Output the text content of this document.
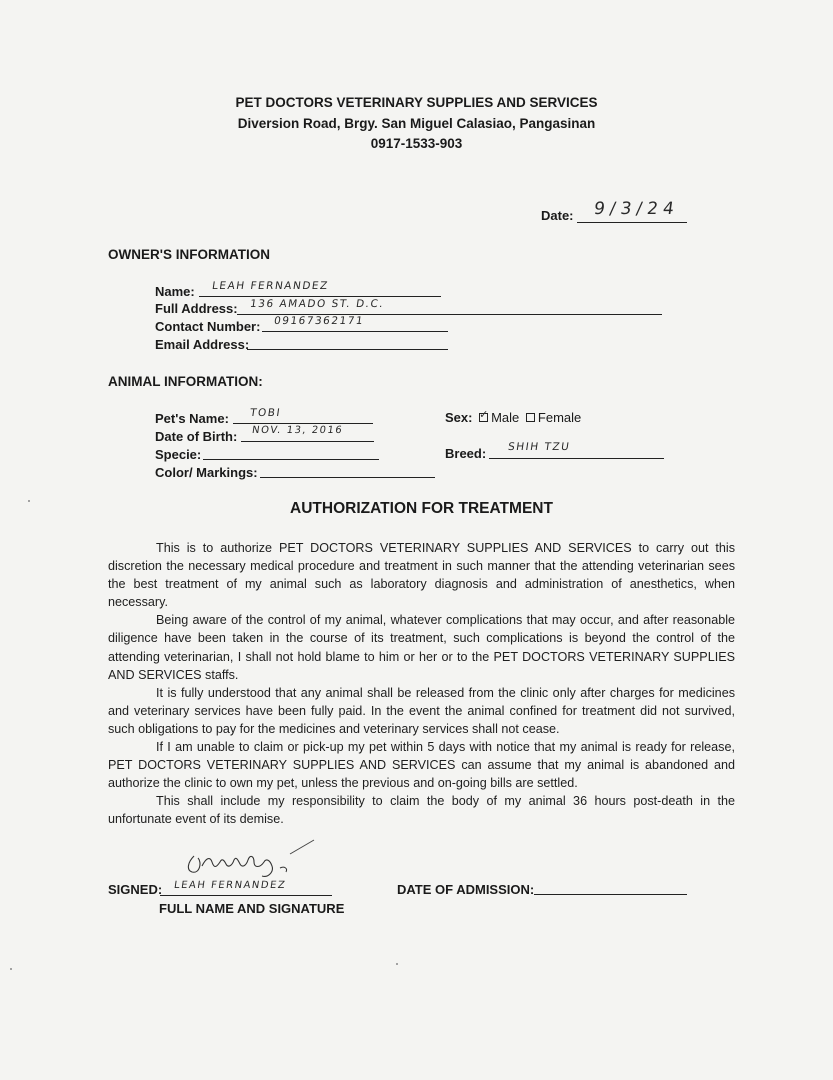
PET DOCTORS VETERINARY SUPPLIES AND SERVICES
Diversion Road, Brgy. San Miguel Calasiao, Pangasinan
0917-1533-903
Date: 9/3/24
OWNER'S INFORMATION
Name: LEAH FERNANDEZ
Full Address: 136 AMADO ST. D.C.
Contact Number: 09167362171
Email Address:
ANIMAL INFORMATION:
Pet's Name: TOBI
Date of Birth: NOV. 13, 2016
Specie:
Color/ Markings:
Sex: ✓ Male Female
Breed: SHIH TZU
AUTHORIZATION FOR TREATMENT

This is to authorize PET DOCTORS VETERINARY SUPPLIES AND SERVICES to carry out this discretion the necessary medical procedure and treatment in such manner that the attending veterinarian sees the best treatment of my animal such as laboratory diagnosis and administration of anesthetics, when necessary.

Being aware of the control of my animal, whatever complications that may occur, and after reasonable diligence have been taken in the course of its treatment, such complications is beyond the control of the attending veterinarian, I shall not hold blame to him or her or to the PET DOCTORS VETERINARY SUPPLIES AND SERVICES staffs.

It is fully understood that any animal shall be released from the clinic only after charges for medicines and veterinary services have been fully paid. In the event the animal confined for treatment did not survived, such obligations to pay for the medicines and veterinary services shall not cease.

If I am unable to claim or pick-up my pet within 5 days with notice that my animal is ready for release, PET DOCTORS VETERINARY SUPPLIES AND SERVICES can assume that my animal is abandoned and authorize the clinic to own my pet, unless the previous and on-going bills are settled.

This shall include my responsibility to claim the body of my animal 36 hours post-death in the unfortunate event of its demise.

SIGNED: LEAH FERNANDEZ
FULL NAME AND SIGNATURE
DATE OF ADMISSION:
